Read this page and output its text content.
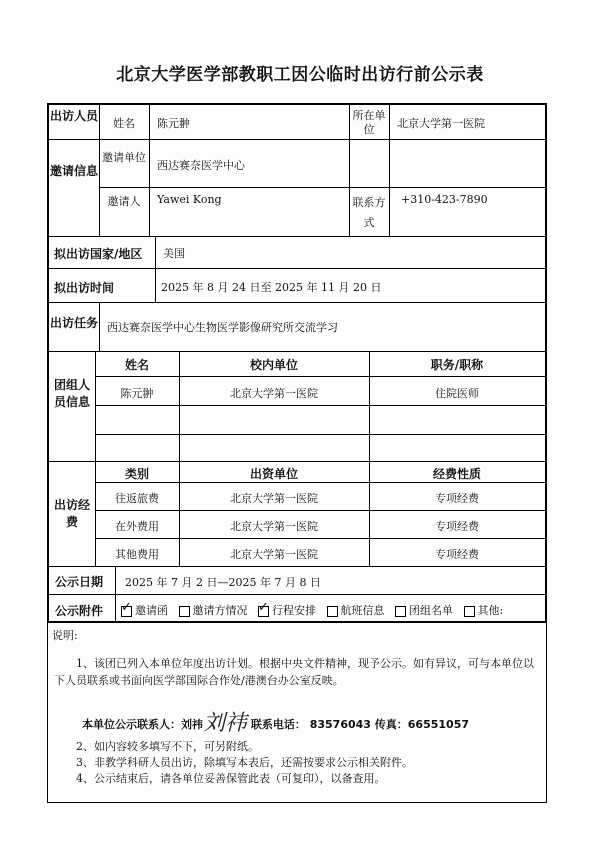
北京大学医学部教职工因公临时出访行前公示表
出访人员
姓名	陈元翀
所在单位	北京大学第一医院
邀请信息
邀请单位
西达赛奈医学中心
邀请人	Yawei Kong	联系方式
+310-423-7890
拟出访国家/地区 美国
拟出访时间	2025 年 8 月 24 日至 2025 年 11 月 20 日
出访任务 西达赛奈医学中心生物医学影像研究所交流学习
团组人员信息
姓名	校内单位	职务/职称
陈元翀	北京大学第一医院	住院医师
出访经费
类别	出资单位	经费性质
往返旅费	北京大学第一医院	专项经费
在外费用	北京大学第一医院	专项经费
其他费用	北京大学第一医院	专项经费
公示日期 2025 年 7 月 2 日—2025 年 7 月 8 日
公示附件 ✓	邀请函 邀请方情况 ✓ 行程安排 航班信息 团组名单 其他:
说明:
1、该团已列入本单位年度出访计划。根据中央文件精神，现予公示。如有异议，可与本单位以下人员联系或书面向医学部国际合作处/港澳台办公室反映。
本单位公示联系人：刘祎刘祎 联系电话： 83576043 传真：66551057
2、如内容较多填写不下，可另附纸。
3、非教学科研人员出访，除填写本表后，还需按要求公示相关附件。
4、公示结束后，请各单位妥善保管此表（可复印），以备查用。
